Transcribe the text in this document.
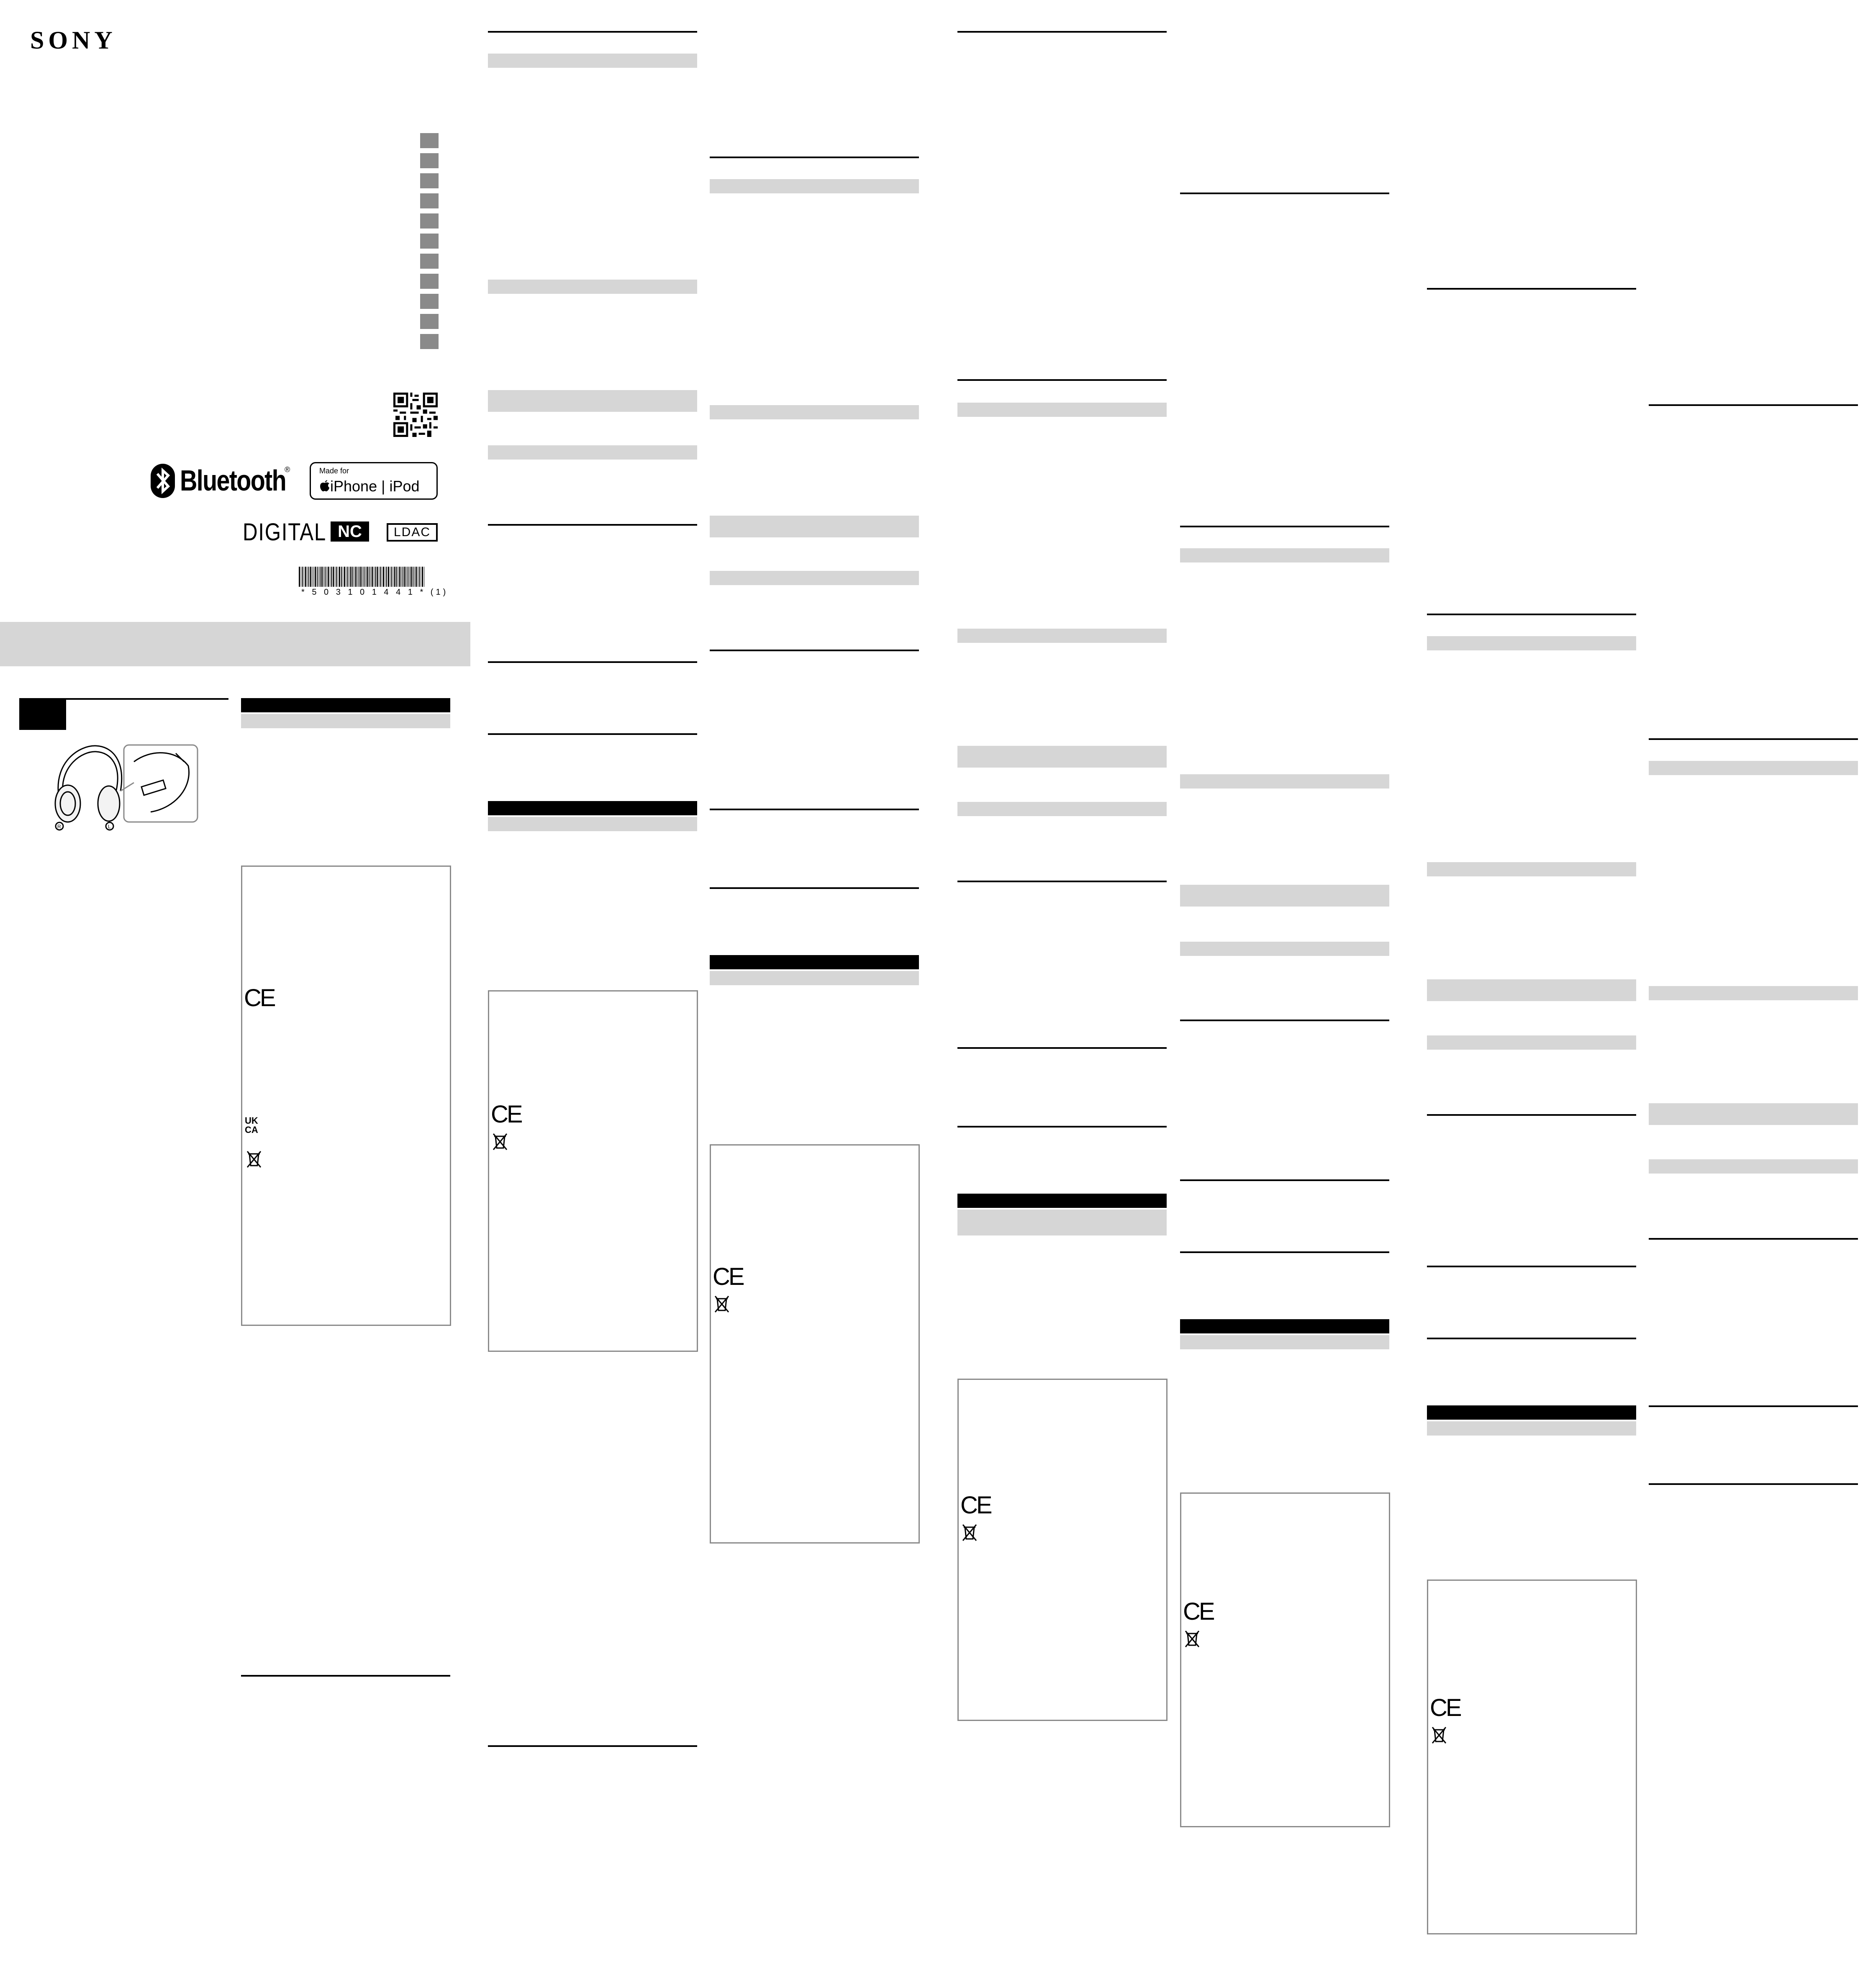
SONY
Bluetooth
®	Made for
iPhone | iPod
DIGITAL NC	LDAC
* 5 0 3 1 0 1 4 4 1 * (1)
R	L
CE
UK
CA
CE
CE
CE
CE
CE
